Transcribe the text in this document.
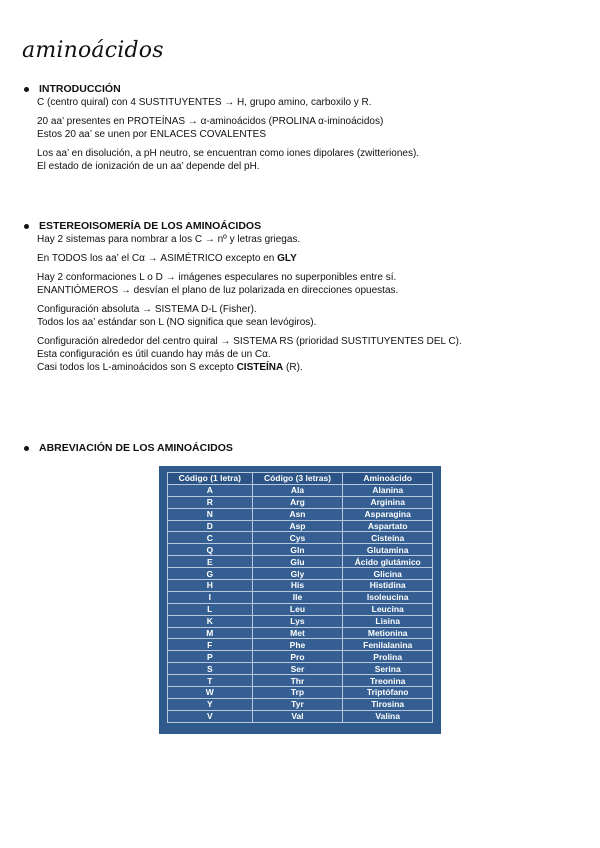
aminoácidos
INTRODUCCIÓN
C (centro quiral) con 4 SUSTITUYENTES → H, grupo amino, carboxilo y R.
20 aa’ presentes en PROTEÍNAS → α-aminoácidos (PROLINA α-iminoácidos)
Estos 20 aa’ se unen por ENLACES COVALENTES
Los aa’ en disolución, a pH neutro, se encuentran como iones dipolares (zwitteriones).
El estado de ionización de un aa’ depende del pH.
ESTEREOISOMERÍA DE LOS AMINOÁCIDOS
Hay 2 sistemas para nombrar a los C → nº y letras griegas.
En TODOS los aa’ el Cα → ASIMÉTRICO excepto en GLY
Hay 2 conformaciones L o D → imágenes especulares no superponibles entre sí.
ENANTIÓMEROS → desvían el plano de luz polarizada en direcciones opuestas.
Configuración absoluta → SISTEMA D-L (Fisher).
Todos los aa’ estándar son L (NO significa que sean levógiros).
Configuración alrededor del centro quiral → SISTEMA RS (prioridad SUSTITUYENTES DEL C).
Esta configuración es útil cuando hay más de un Cα.
Casi todos los L-aminoácidos son S excepto CISTEÍNA (R).
ABREVIACIÓN DE LOS AMINOÁCIDOS
Código (1 letra)	Código (3 letras)	Aminoácido
A	Ala	Alanina
R	Arg	Arginina
N	Asn	Asparagina
D	Asp	Aspartato
C	Cys	Cisteína
Q	Gln	Glutamina
E	Glu	Ácido glutámico
G	Gly	Glicina
H	His	Histidina
I	Ile	Isoleucina
L	Leu	Leucina
K	Lys	Lisina
M	Met	Metionina
F	Phe	Fenilalanina
P	Pro	Prolina
S	Ser	Serina
T	Thr	Treonina
W	Trp	Triptófano
Y	Tyr	Tirosina
V	Val	Valina
